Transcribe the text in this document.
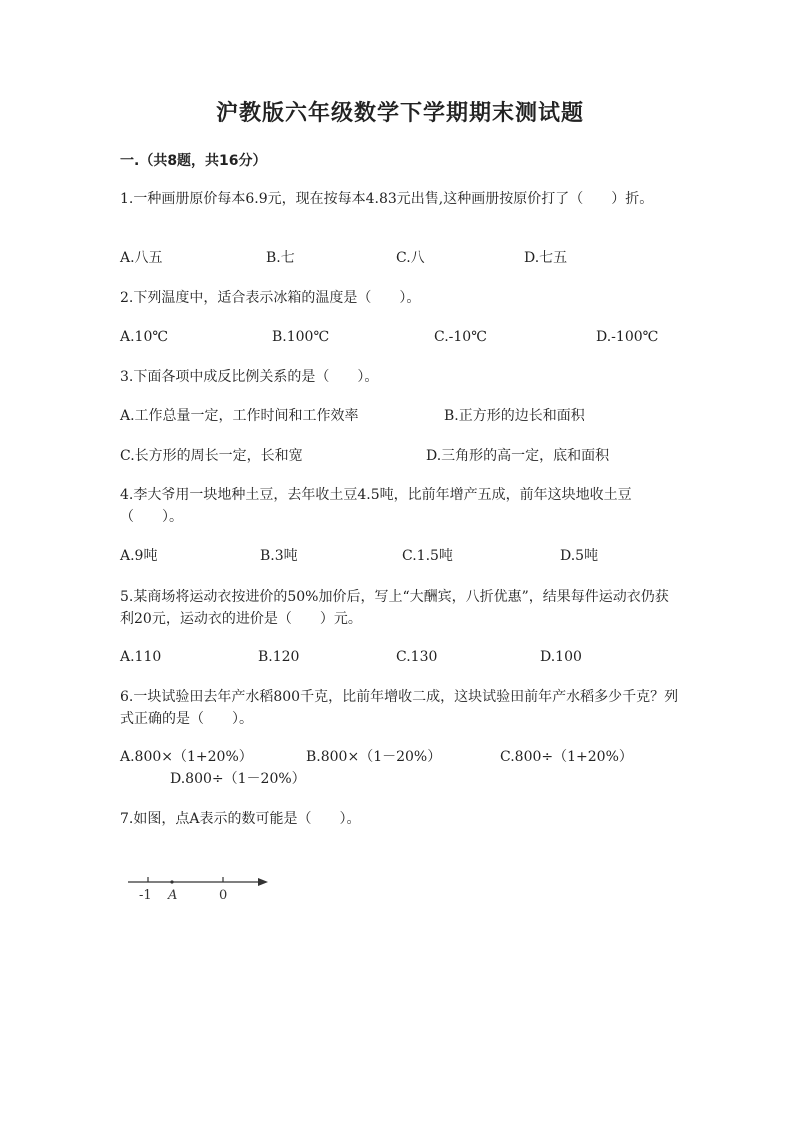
沪教版六年级数学下学期期末测试题
一.（共8题，共16分）
1.一种画册原价每本6.9元，现在按每本4.83元出售,这种画册按原价打了（　　）折。
A.八五	B.七	C.八	D.七五
2.下列温度中，适合表示冰箱的温度是（　　）。
A.10℃	B.100℃	C.-10℃	D.-100℃
3.下面各项中成反比例关系的是（　　）。
A.工作总量一定，工作时间和工作效率	B.正方形的边长和面积
C.长方形的周长一定，长和宽	D.三角形的高一定，底和面积
4.李大爷用一块地种土豆，去年收土豆4.5吨，比前年增产五成，前年这块地收土豆（　　）。
A.9吨	B.3吨	C.1.5吨	D.5吨
5.某商场将运动衣按进价的50%加价后，写上“大酬宾，八折优惠”，结果每件运动衣仍获利20元，运动衣的进价是（　　）元。
A.110	B.120	C.130	D.100
6.一块试验田去年产水稻800千克，比前年增收二成，这块试验田前年产水稻多少千克？列式正确的是（　　）。
A.800×（1+20%）	B.800×（1－20%）	C.800÷（1+20%）
D.800÷（1－20%）
7.如图，点A表示的数可能是（　　）。
-1 A	0
